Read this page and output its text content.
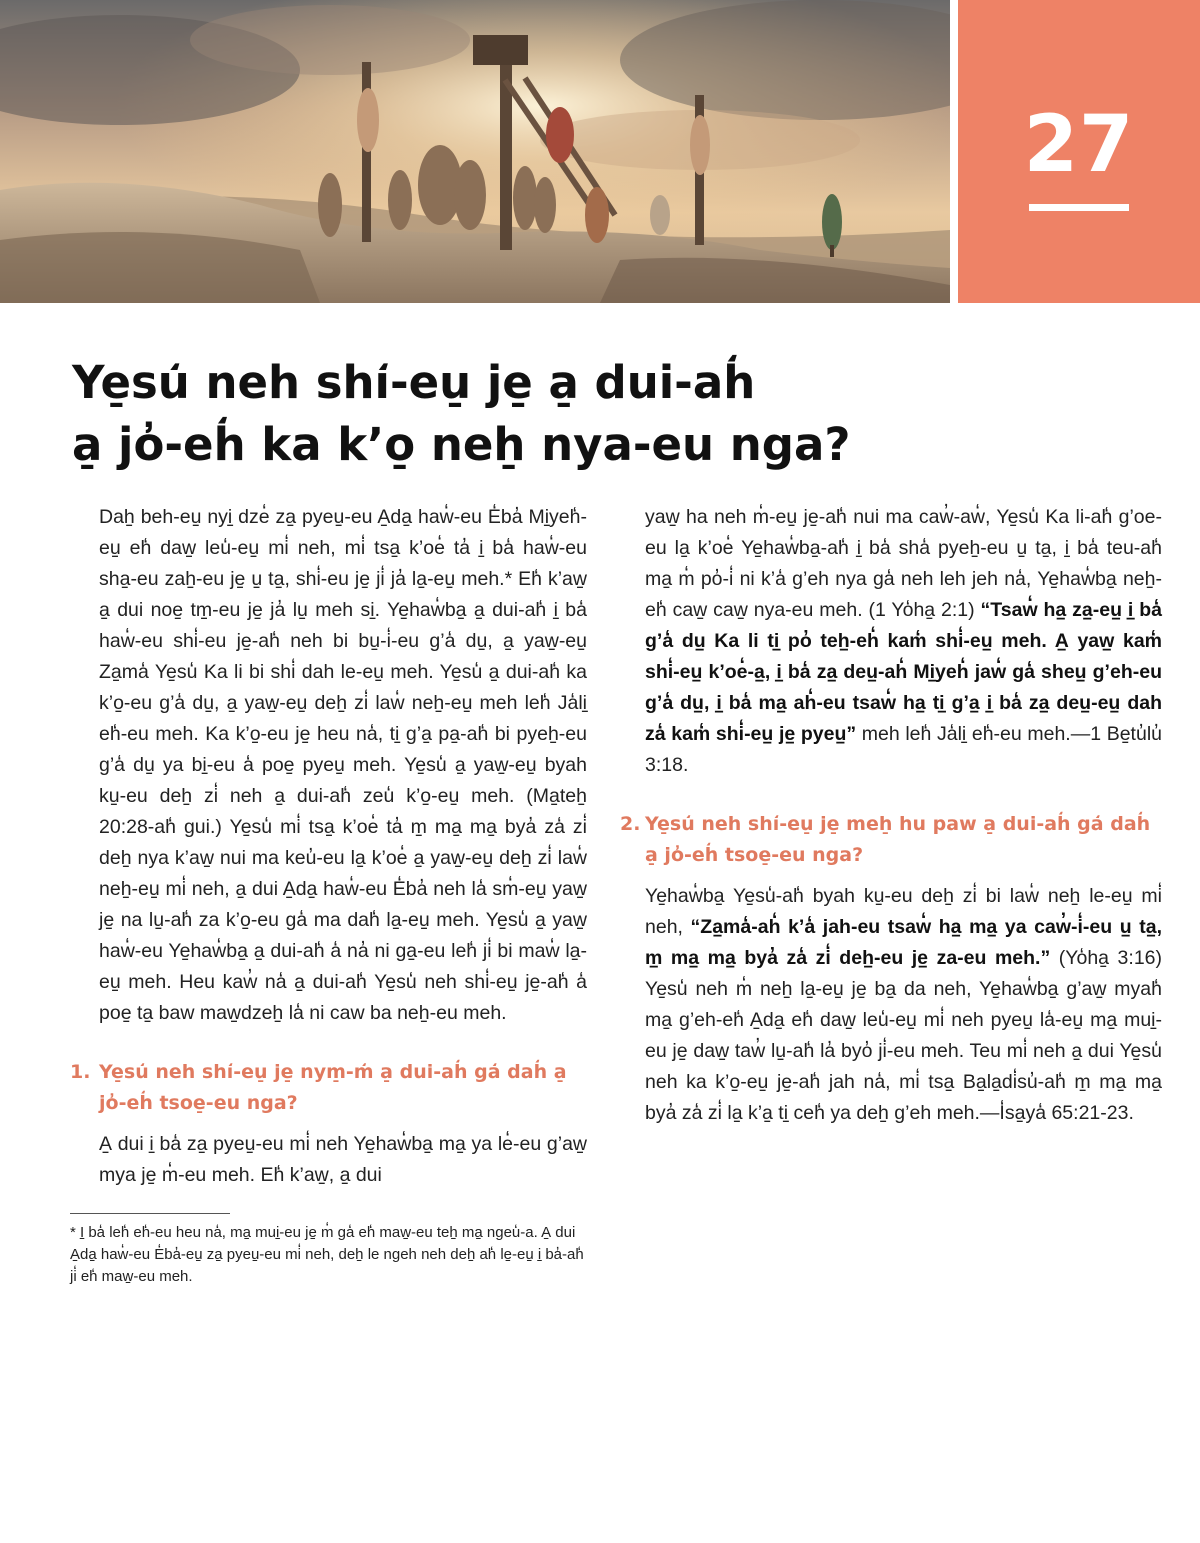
27
Ye̠su̒ neh shi̒-eu̠ je̠ a̠ dui-ah̒
a̠ jo̓-eh̒ ka k’o̠ neh̠ nya-eu nga?

Dah̠ beh-eu̠ nyi̠ dze̒ za̠ pyeu̠-eu A̠da̠ haw̒-eu E̒ba̓ Mi̠yeh̒-eu̠ eh̒ daw̠ leu̒-eu̠ mi̒ neh, mi̒ tsa̠ k’oe̒ ta̓ i̠ ba̒ haw̒-eu sha̠-eu zah̠-eu je̠ u̠ ta̠, shi̒-eu je̠ ji̒ ja̓ la̠-eu̠ meh.* Eh̒ k’aw̠ a̠ dui noe̠ tm̠-eu je̠ ja̓ lu̠ meh si̠. Ye̠haw̒ba̠ a̠ dui-ah̒ i̠ ba̒ haw̒-eu shi̒-eu je̠-ah̒ neh bi bu̠-i̒-eu g’a̒ du̠, a̠ yaw̠-eu̠ Za̠ma̒ Ye̠su̒ Ka li bi shi̒ dah le-eu̠ meh. Ye̠su̒ a̠ dui-ah̒ ka k’o̠-eu g’a̒ du̠, a̠ yaw̠-eu̠ deh̠ zi̒ law̒ neh̠-eu̠ meh leh̒ Ja̒li̠ eh̒-eu meh. Ka k’o̠-eu je̠ heu na̒, ti̠ g’a̠ pa̠-ah̒ bi pyeh̠-eu g’a̒ du̠ ya bi̠-eu a̒ poe̠ pyeu̠ meh. Ye̠su̒ a̠ yaw̠-eu̠ byah ku̠-eu deh̠ zi̒ neh a̠ dui-ah̒ zeu̒ k’o̠-eu̠ meh. (Ma̠teh̠ 20:28-ah̒ gui.) Ye̠su̒ mi̒ tsa̠ k’oe̒ ta̓ m̠ ma̠ ma̠ bya̓ za̒ zi̒ deh̠ nya k’aw̠ nui ma keu̓-eu la̠ k’oe̒ a̠ yaw̠-eu̠ deh̠ zi̒ law̒ neh̠-eu̠ mi̒ neh, a̠ dui A̠da̠ haw̒-eu E̒ba̓ neh la̒ sm̒-eu̠ yaw̠ je̠ na lu̠-ah̒ za k’o̠-eu ga̒ ma dah̒ la̠-eu̠ meh. Ye̠su̒ a̠ yaw̠ haw̒-eu Ye̠haw̒ba̠ a̠ dui-ah̒ a̒ na̓ ni ga̠-eu leh̒ ji̒ bi maw̒ la̠-eu̠ meh. Heu kaw̓ na̒ a̠ dui-ah̒ Ye̠su̒ neh shi̒-eu̠ je̠-ah̒ a̒ poe̠ ta̠ baw maw̠dzeh̠ la̒ ni caw ba neh̠-eu meh.

1. Ye̠su̒ neh shi̒-eu̠ je̠ nym̠-m̒ a̠ dui-ah̒ ga̒ dah̒ a̠ jo̓-eh̒ tsoe̠-eu nga?

A̠ dui i̠ ba̒ za̠ pyeu̠-eu mi̒ neh Ye̠haw̒ba̠ ma̠ ya le̒-eu g’aw̠ mya je̠ m̒-eu meh. Eh̒ k’aw̠, a̠ dui

* I̠ ba̒ leh̒ eh̒-eu heu na̒, ma̠ mui̠-eu je̠ m̒ ga̒ eh̒ maw̠-eu teh̠ ma̠ ngeu̒-a. A̠ dui A̠da̠ haw̒-eu E̒ba̓-eu̠ za̠ pyeu̠-eu mi̒ neh, deh̠ le ngeh neh deh̠ ah̒ le̠-eu̠ i̠ ba̓-ah̒ ji̒ eh̒ maw̠-eu meh.

yaw̠ ha neh m̒-eu̠ je̠-ah̒ nui ma caw̓-aw̒, Ye̠su̒ Ka li-ah̒ g’oe-eu la̠ k’oe̒ Ye̠haw̒ba̠-ah̒ i̠ ba̒ sha̒ pyeh̠-eu u̠ ta̠, i̠ ba̒ teu-ah̒ ma̠ m̒ po̓-i̒ ni k’a̒ g’eh nya ga̒ neh leh jeh na̒, Ye̠haw̒ba̠ neh̠-eh̒ caw̠ caw̠ nya-eu meh. (1 Yo̒ha̠ 2:1) “Tsaw̒ ha̠ za̠-eu̠ i̠ ba̒ g’a̒ du̠ Ka li ti̠ po̓ teh̠-eh̒ kam̒ shi̒-eu̠ meh. A̠ yaw̠ kam̒ shi̒-eu̠ k’oe̒-a̠, i̠ ba̒ za̠ deu̠-ah̒ Mi̠yeh̒ jaw̒ ga̒ sheu̠ g’eh-eu g’a̒ du̠, i̠ ba̒ ma̠ ah̒-eu tsaw̒ ha̠ ti̠ g’a̠ i̠ ba̒ za̠ deu̠-eu̠ dah za̒ kam̒ shi̒-eu̠ je̠ pyeu̠” meh leh̒ Ja̒li̠ eh̒-eu meh.—1 Be̠tu̓lu̓ 3:18.

2. Ye̠su̒ neh shi̒-eu̠ je̠ meh̠ hu paw a̠ dui-ah̒ ga̒ dah̒ a̠ jo̓-eh̒ tsoe̠-eu nga?

Ye̠haw̒ba̠ Ye̠su̒-ah̒ byah ku̠-eu deh̠ zi̒ bi law̒ neh̠ le-eu̠ mi̒ neh, “Za̠ma̒-ah̒ k’a̒ jah-eu tsaw̒ ha̠ ma̠ ya caw̓-i̒-eu u̠ ta̠, m̠ ma̠ ma̠ bya̓ za̒ zi̒ deh̠-eu je̠ za-eu meh.” (Yo̒ha̠ 3:16) Ye̠su̒ neh m̒ neh̠ la̠-eu̠ je̠ ba̠ da neh, Ye̠haw̒ba̠ g’aw̠ myah̒ ma̠ g’eh-eh̒ A̠da̠ eh̒ daw̠ leu̒-eu̠ mi̒ neh pyeu̠ la̒-eu̠ ma̠ mui̠-eu je̠ daw̠ taw̓ lu̠-ah̒ la̓ byo̓ ji̒-eu meh. Teu mi̒ neh a̠ dui Ye̠su̒ neh ka k’o̠-eu̠ je̠-ah̒ jah na̒, mi̒ tsa̠ Ba̠la̠di̒su̓-ah̒ m̠ ma̠ ma̠ bya̓ za̒ zi̒ la̠ k’a̠ ti̠ ceh̒ ya deh̠ g’eh meh.—I̒sa̠ya̒ 65:21-23.
